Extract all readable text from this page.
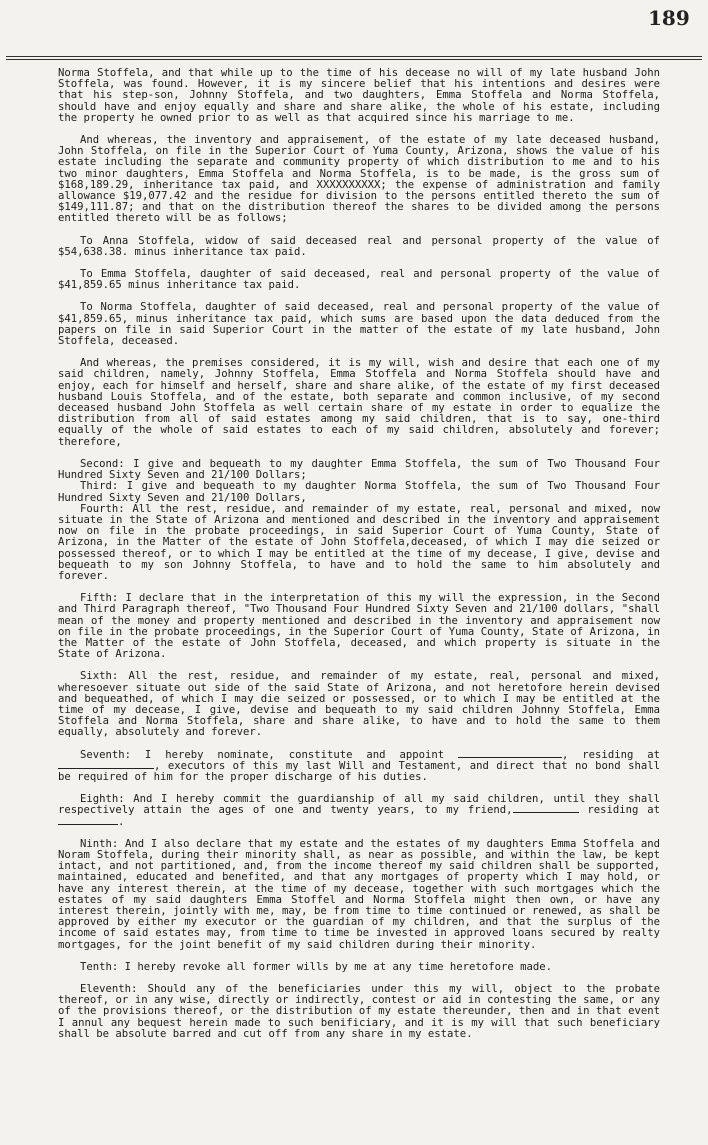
189

Norma Stoffela, and that while up to the time of his decease no will of my late husband John Stoffela, was found. However, it is my sincere belief that his intentions and desires were that his step-son, Johnny Stoffela, and two daughters, Emma Stoffela and Norma Stoffela, should have and enjoy equally and share and share alike, the whole of his estate, including the property he owned prior to as well as that acquired since his marriage to me.

And whereas, the inventory and appraisement, of the estate of my late deceased husband, John Stoffela, on file in the Superior Court of Yuma County, Arizona, shows the value of his estate including the separate and community property of which distribution to me and to his two minor daughters, Emma Stoffela and Norma Stoffela, is to be made, is the gross sum of $168,189.29, inheritance tax paid, and XXXXXXXXXX; the expense of administration and family allowance $19,077.42 and the residue for division to the persons entitled thereto the sum of $149,111.87; and that on the distribution thereof the shares to be divided among the persons entitled thereto will be as follows;

To Anna Stoffela, widow of said deceased real and personal property of the value of $54,638.38. minus inheritance tax paid.

To Emma Stoffela, daughter of said deceased, real and personal property of the value of $41,859.65 minus inheritance tax paid.

To Norma Stoffela, daughter of said deceased, real and personal property of the value of $41,859.65, minus inheritance tax paid, which sums are based upon the data deduced from the papers on file in said Superior Court in the matter of the estate of my late husband, John Stoffela, deceased.

And whereas, the premises considered, it is my will, wish and desire that each one of my said children, namely, Johnny Stoffela, Emma Stoffela and Norma Stoffela should have and enjoy, each for himself and herself, share and share alike, of the estate of my first deceased husband Louis Stoffela, and of the estate, both separate and common inclusive, of my second deceased husband John Stoffela as well certain share of my estate in order to equalize the distribution from all of said estates among my said children, that is to say, one-third equally of the whole of said estates to each of my said children, absolutely and forever; therefore,

Second: I give and bequeath to my daughter Emma Stoffela, the sum of Two Thousand Four Hundred Sixty Seven and 21/100 Dollars;

Third: I give and bequeath to my daughter Norma Stoffela, the sum of Two Thousand Four Hundred Sixty Seven and 21/100 Dollars,

Fourth: All the rest, residue, and remainder of my estate, real, personal and mixed, now situate in the State of Arizona and mentioned and described in the inventory and appraisement now on file in the probate proceedings, in said Superior Court of Yuma County, State of Arizona, in the Matter of the estate of John Stoffela,deceased, of which I may die seized or possessed thereof, or to which I may be entitled at the time of my decease, I give, devise and bequeath to my son Johnny Stoffela, to have and to hold the same to him absolutely and forever.

Fifth: I declare that in the interpretation of this my will the expression, in the Second and Third Paragraph thereof, "Two Thousand Four Hundred Sixty Seven and 21/100 dollars, "shall mean of the money and property mentioned and described in the inventory and appraisement now on file in the probate proceedings, in the Superior Court of Yuma County, State of Arizona, in the Matter of the estate of John Stoffela, deceased, and which property is situate in the State of Arizona.

Sixth: All the rest, residue, and remainder of my estate, real, personal and mixed, wheresoever situate out side of the said State of Arizona, and not heretofore herein devised and bequeathed, of which I may die seized or possessed, or to which I may be entitled at the time of my decease, I give, devise and bequeath to my said children Johnny Stoffela, Emma Stoffela and Norma Stoffela, share and share alike, to have and to hold the same to them equally, absolutely and forever.

Seventh: I hereby nominate, constitute and appoint	, residing at , executors of this my last Will and Testament, and direct that no bond shall be required of him for the proper discharge of his duties.

Eighth: And I hereby commit the guardianship of all my said children, until they shall respectively attain the ages of one and twenty years, to my friend,	residing at .

Ninth: And I also declare that my estate and the estates of my daughters Emma Stoffela and Noram Stoffela, during their minority shall, as near as possible, and within the law, be kept intact, and not partitioned, and, from the income thereof my said children shall be supported, maintained, educated and benefited, and that any mortgages of property which I may hold, or have any interest therein, at the time of my decease, together with such mortgages which the estates of my said daughters Emma Stoffel and Norma Stoffela might then own, or have any interest therein, jointly with me, may, be from time to time continued or renewed, as shall be approved by either my executor or the guardian of my children, and that the surplus of the income of said estates may, from time to time be invested in approved loans secured by realty mortgages, for the joint benefit of my said children during their minority.

Tenth: I hereby revoke all former wills by me at any time heretofore made.

Eleventh: Should any of the beneficiaries under this my will, object to the probate thereof, or in any wise, directly or indirectly, contest or aid in contesting the same, or any of the provisions thereof, or the distribution of my estate thereunder, then and in that event I annul any bequest herein made to such benificiary, and it is my will that such beneficiary shall be absolute barred and cut off from any share in my estate.
